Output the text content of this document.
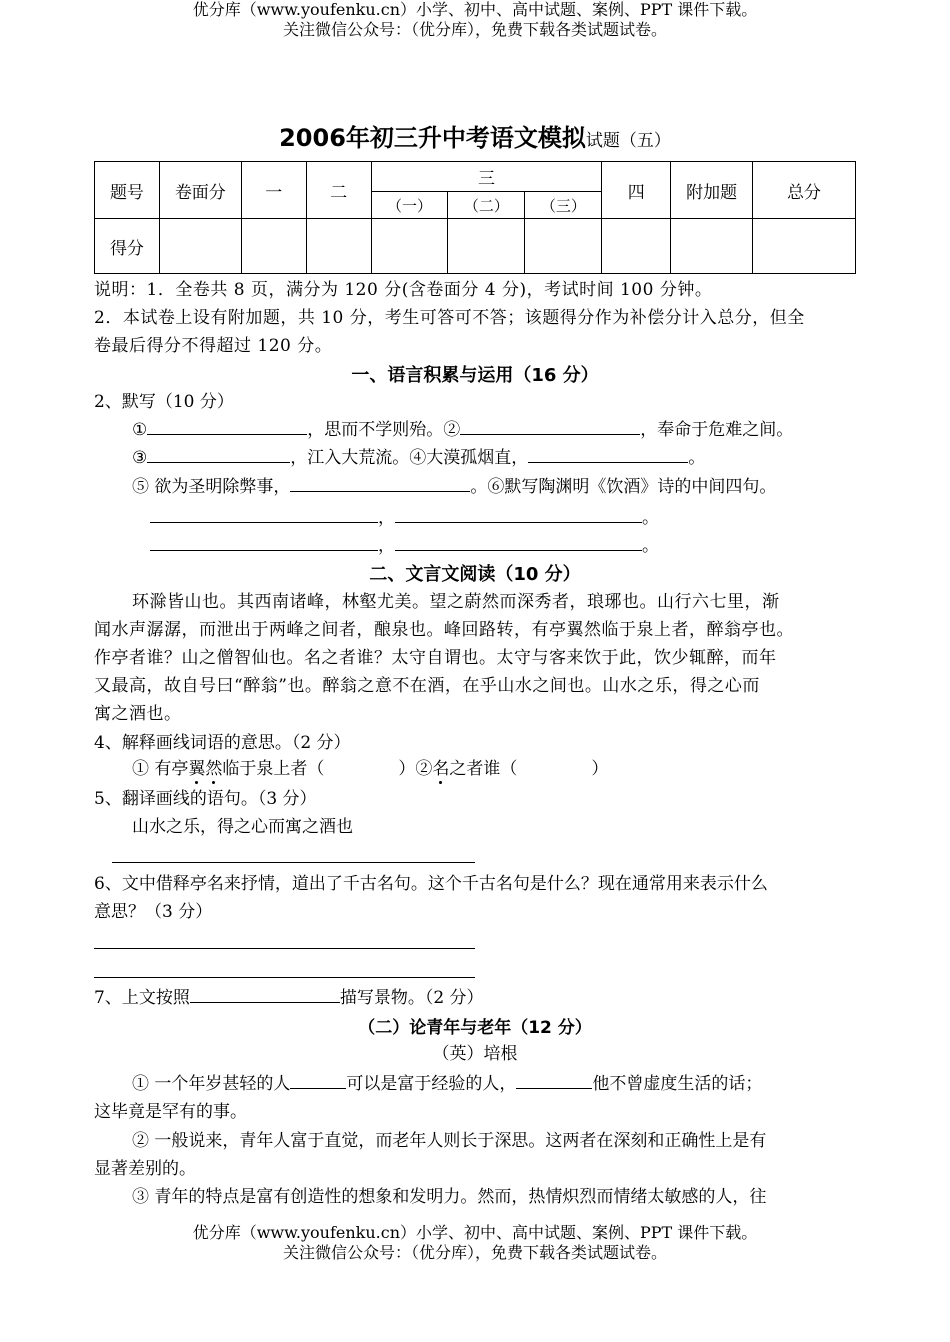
优分库（www.youfenku.cn）小学、初中、高中试题、案例、PPT 课件下载。
关注微信公众号：（优分库），免费下载各类试题试卷。
2006年初三升中考语文模拟试题（五）
题号	卷面分	一	二	三			四	附加题	总分
				（一）	（二）	（三）			
得分									
说明：1．全卷共 8 页，满分为 120 分(含卷面分 4 分)，考试时间 100 分钟。
2．本试卷上设有附加题，共 10 分，考生可答可不答；该题得分作为补偿分计入总分，但全
卷最后得分不得超过 120 分。
一、语言积累与运用（16 分）
2、默写（10 分）
①	，思而不学则殆。②	，奉命于危难之间。
③	，江入大荒流。④大漠孤烟直，	。
⑤ 欲为圣明除弊事，	。⑥默写陶渊明《饮酒》诗的中间四句。
，	。
，	。
二、文言文阅读（10 分）
环滁皆山也。其西南诸峰，林壑尤美。望之蔚然而深秀者，琅琊也。山行六七里，渐
闻水声潺潺，而泄出于两峰之间者，酿泉也。峰回路转，有亭翼然临于泉上者，醉翁亭也。
作亭者谁？山之僧智仙也。名之者谁？太守自谓也。太守与客来饮于此，饮少辄醉，而年
又最高，故自号曰“醉翁”也。醉翁之意不在酒，在乎山水之间也。山水之乐，得之心而
寓之酒也。
4、解释画线词语的意思。（2 分）
① 有亭翼然临于泉上者（	）②名之者谁（	）
5、翻译画线的语句。（3 分）
山水之乐，得之心而寓之酒也
6、文中借释亭名来抒情，道出了千古名句。这个千古名句是什么？现在通常用来表示什么
意思？（3 分）
7、上文按照	描写景物。（2 分）
（二）论青年与老年（12 分）
（英）培根
① 一个年岁甚轻的人	可以是富于经验的人，	他不曾虚度生活的话；
这毕竟是罕有的事。
② 一般说来，青年人富于直觉，而老年人则长于深思。这两者在深刻和正确性上是有
显著差别的。
③ 青年的特点是富有创造性的想象和发明力。然而，热情炽烈而情绪太敏感的人，往
优分库（www.youfenku.cn）小学、初中、高中试题、案例、PPT 课件下载。
关注微信公众号：（优分库），免费下载各类试题试卷。
